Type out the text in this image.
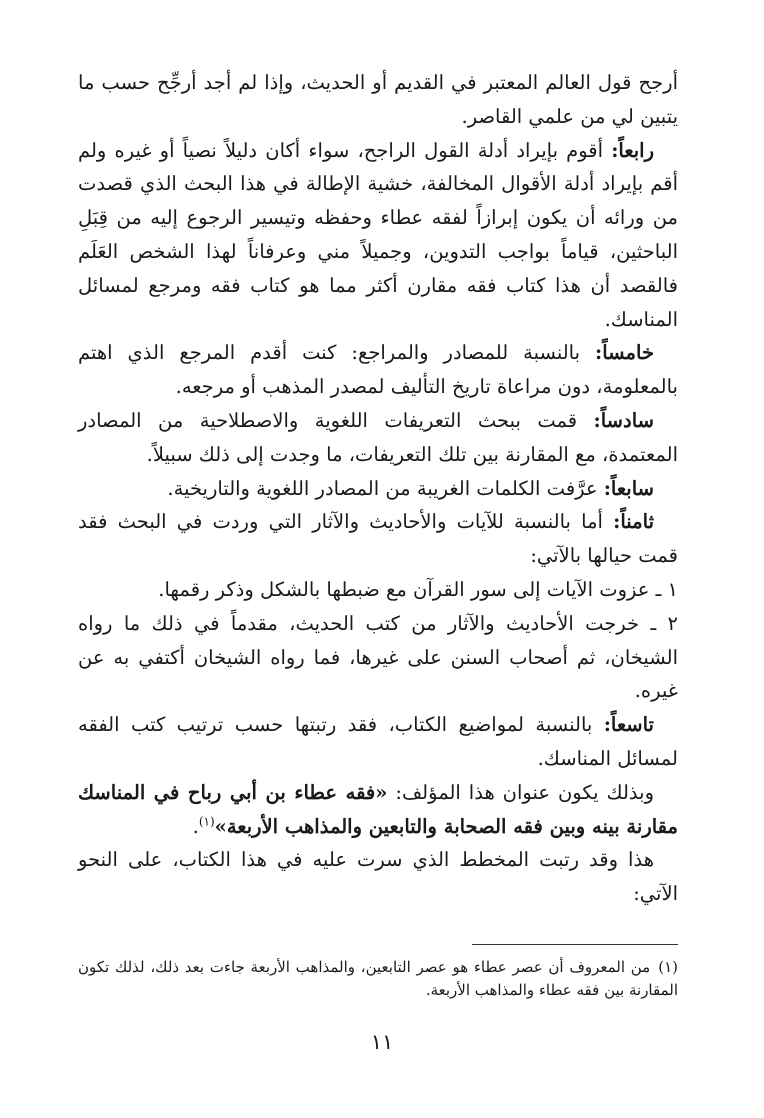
أرجح قول العالم المعتبر في القديم أو الحديث، وإذا لم أجد أرجِّح حسب ما يتبين لي من علمي القاصر.

رابعاً: أقوم بإيراد أدلة القول الراجح، سواء أكان دليلاً نصياً أو غيره ولم أقم بإيراد أدلة الأقوال المخالفة، خشية الإطالة في هذا البحث الذي قصدت من ورائه أن يكون إبرازاً لفقه عطاء وحفظه وتيسير الرجوع إليه من قِبَلِ الباحثين، قياماً بواجب التدوين، وجميلاً مني وعرفاناً لهذا الشخص العَلَم فالقصد أن هذا كتاب فقه مقارن أكثر مما هو كتاب فقه ومرجع لمسائل المناسك.

خامساً: بالنسبة للمصادر والمراجع: كنت أقدم المرجع الذي اهتم بالمعلومة، دون مراعاة تاريخ التأليف لمصدر المذهب أو مرجعه.

سادساً: قمت ببحث التعريفات اللغوية والاصطلاحية من المصادر المعتمدة، مع المقارنة بين تلك التعريفات، ما وجدت إلى ذلك سبيلاً.

سابعاً: عرَّفت الكلمات الغريبة من المصادر اللغوية والتاريخية.

ثامناً: أما بالنسبة للآيات والأحاديث والآثار التي وردت في البحث فقد قمت حيالها بالآتي:

١ ـ عزوت الآيات إلى سور القرآن مع ضبطها بالشكل وذكر رقمها.

٢ ـ خرجت الأحاديث والآثار من كتب الحديث، مقدماً في ذلك ما رواه الشيخان، ثم أصحاب السنن على غيرها، فما رواه الشيخان أكتفي به عن غيره.

تاسعاً: بالنسبة لمواضيع الكتاب، فقد رتبتها حسب ترتيب كتب الفقه لمسائل المناسك.

وبذلك يكون عنوان هذا المؤلف: «فقه عطاء بن أبي رباح في المناسك مقارنة بينه وبين فقه الصحابة والتابعين والمذاهب الأربعة»$^{(١)}$.

هذا وقد رتبت المخطط الذي سرت عليه في هذا الكتاب، على النحو الآتي:

(١)من المعروف أن عصر عطاء هو عصر التابعين، والمذاهب الأربعة جاءت بعد ذلك، لذلك تكون المقارنة بين فقه عطاء والمذاهب الأربعة.
١١
